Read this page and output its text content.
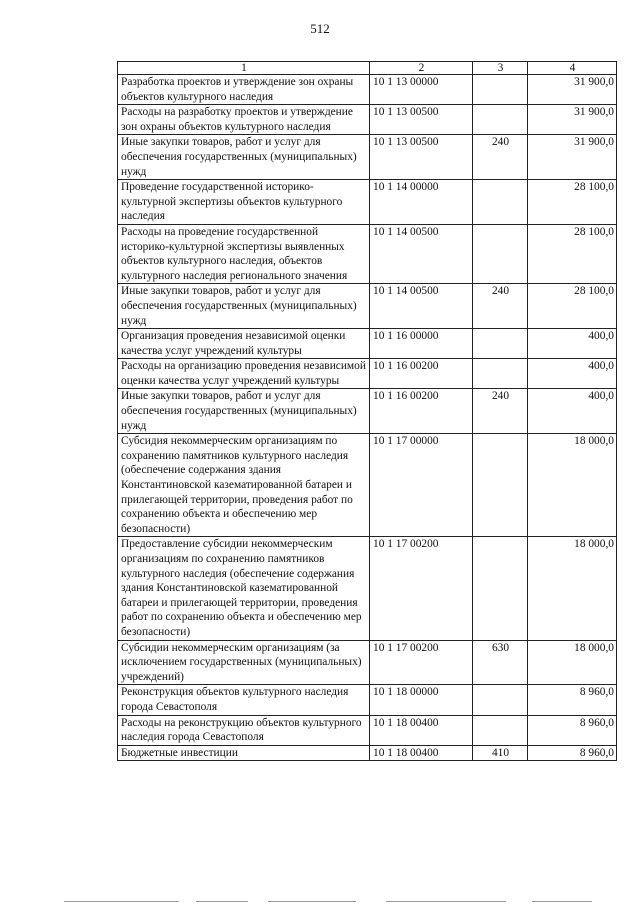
512
1	2	3	4
Разработка проектов и утверждение зон охраны объектов культурного наследия	10 1 13 00000		31 900,0
Расходы на разработку проектов и утверждение зон охраны объектов культурного наследия	10 1 13 00500		31 900,0
Иные закупки товаров, работ и услуг для обеспечения государственных (муниципальных) нужд	10 1 13 00500	240	31 900,0
Проведение государственной историко-культурной экспертизы объектов культурного наследия	10 1 14 00000		28 100,0
Расходы на проведение государственной историко-культурной экспертизы выявленных объектов культурного наследия, объектов культурного наследия регионального значения	10 1 14 00500		28 100,0
Иные закупки товаров, работ и услуг для обеспечения государственных (муниципальных) нужд	10 1 14 00500	240	28 100,0
Организация проведения независимой оценки качества услуг учреждений культуры	10 1 16 00000		400,0
Расходы на организацию проведения независимой оценки качества услуг учреждений культуры	10 1 16 00200		400,0
Иные закупки товаров, работ и услуг для обеспечения государственных (муниципальных) нужд	10 1 16 00200	240	400,0
Субсидия некоммерческим организациям по сохранению памятников культурного наследия (обеспечение содержания здания Константиновской казематированной батареи и прилегающей территории, проведения работ по сохранению объекта и обеспечению мер безопасности)	10 1 17 00000		18 000,0
Предоставление субсидии некоммерческим организациям по сохранению памятников культурного наследия (обеспечение содержания здания Константиновской казематированной батареи и прилегающей территории, проведения работ по сохранению объекта и обеспечению мер безопасности)	10 1 17 00200		18 000,0
Субсидии некоммерческим организациям (за исключением государственных (муниципальных) учреждений)	10 1 17 00200	630	18 000,0
Реконструкция объектов культурного наследия города Севастополя	10 1 18 00000		8 960,0
Расходы на реконструкцию объектов культурного наследия города Севастополя	10 1 18 00400		8 960,0
Бюджетные инвестиции	10 1 18 00400	410	8 960,0
